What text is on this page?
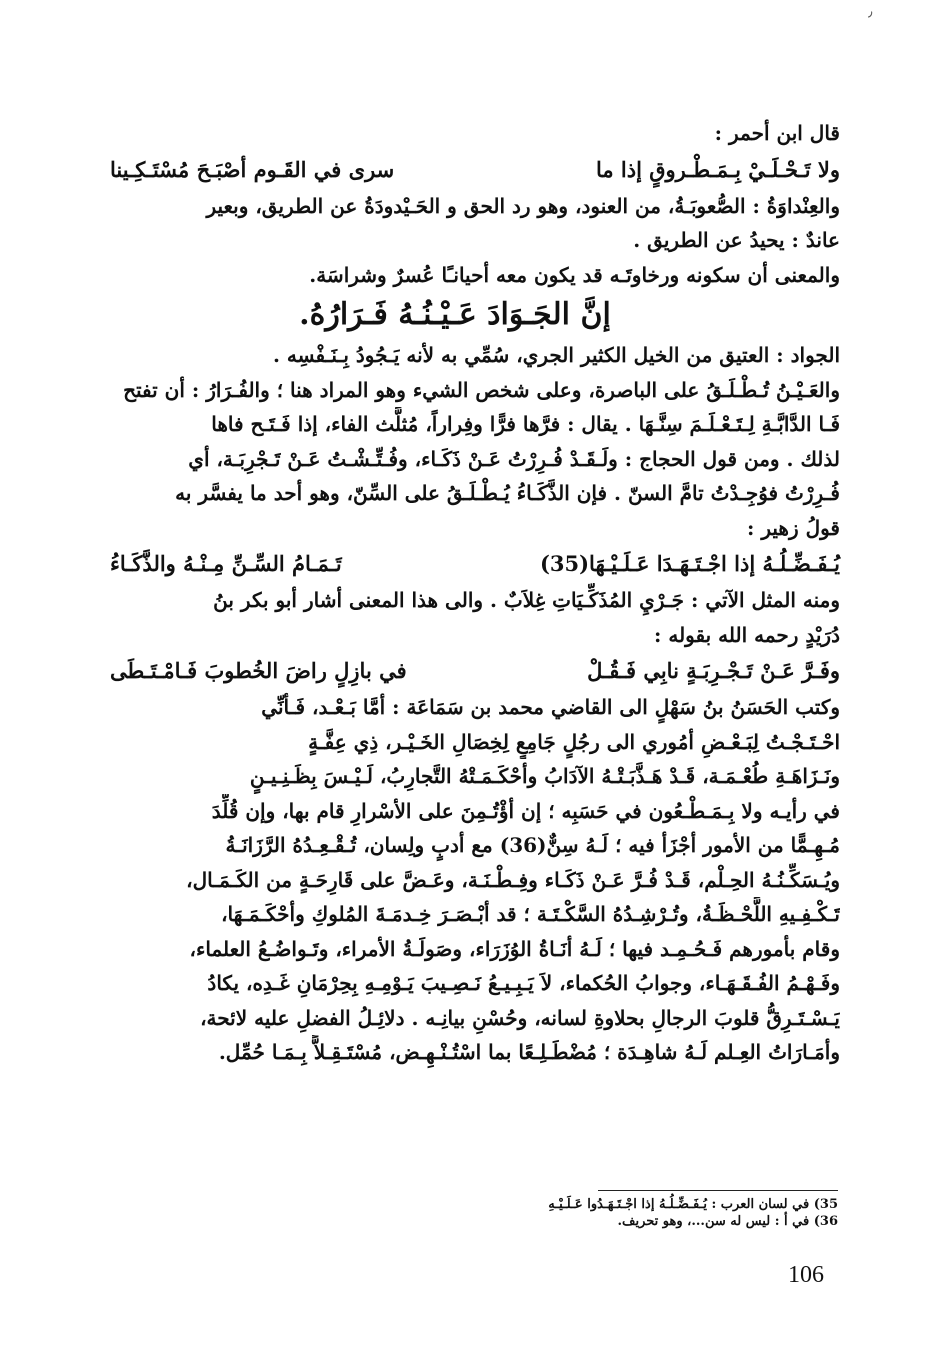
٫
قال ابن أحمر :
ولا تَـحْـلَـيْ بِـمَـطْـروقٍ إذا ما
سرى في القَـوم أصْبَـحَ مُسْتَـكِـينا
والعِنْداوَةُ : الصُّعوبَـةُ، من العنود، وهو رد الحق و الحَـيْدودَةُ عن الطريق، وبعير
عاندٌ : يحيدُ عن الطريق .
والمعنى أن سكونه ورخاوتَـه قد يكون معه أحيانـًا عُسرٌ وشراسَة.
إنَّ الجَـوَادَ عَـيْـنُـهُ فَـرَارُهُ.
الجواد : العتيق من الخيل الكثير الجري، سُمِّي به لأنه يَـجُودُ بِـنَـفْسِه .
والعَـيْـنُ تُـطْـلَـقُ على الباصرة، وعلى شخص الشيء وهو المراد هنا ؛ والفُـرَارُ : أن تفتح
فَـا الدَّابَّـةِ لِـتَـعْـلَـمَ سِنَّـهَا . يقال : فرَّها فرًّا وفِراراً، مُثلَّث الفاء، إذا فَـتَـح فاها
لذلك . ومن قول الحجاج : ولَـقَـدْ فُـرِرْتُ عَـنْ ذَكَـاء، وفُـتِّـشْـتُ عَـنْ تَـجْرِبَـة، أي
فُـرِرْتُ فوُجِـدْتُ تامَّ السنّ . فإن الذَّكَـاءُ يُـطْـلَـقُ على السِّنّ، وهو أحد ما يفسَّر به
قولُ زهير :
يُـفَـضِّـلُـهُ إذا اجْـتَـهَـدَا عَـلَـيْـهَا(35)
تَـمَـامُ السِّـنِّ مِـنْـهُ والذَّكَـاءُ
ومنه المثل الآتي : جَـرْيِ المُذَكِّـيَاتِ غِلاَبٌ . والى هذا المعنى أشار أبو بكر بنُ
دُرَيْدٍ رحمه الله بقوله :
وفَـرَّ عَـنْ تَـجْـرِبَـةٍ نابِي فَـقُـلْ
في بازِلٍ راضَ الخُطوبَ فَـامْـتَـطَى
وكتب الحَسَنُ بنُ سَهْلٍ الى القاضي محمد بن سَمَاعَة : أمَّا بَـعْـد، فَـأنِّي
احْـتَـجْـتُ لِبَـعْـضِ أمُوري الى رجُلٍ جَامِعٍ لِخِصَالِ الخَـيْـر، ذِي عِفَّـةٍ
ونَـزَاهَـةِ طُعْـمَـة، قَـدْ هَـذَّبَـتْـهُ الآدَابُ وأحْكَـمَـتْهُ التَّجارِبُ، لَـيْـسَ بِظَـنِـيـنٍ
في رأيـه ولا بِـمَـطْـعُون في حَسَبِه ؛ إن أؤْتُـمِنَ على الأسْرارِ قام بها، وإن قُلِّدَ
مُـهِـمًّا من الأمور أجْزَأ فيه ؛ لَـهُ سِنٌّ(36) مع أدبٍ ولِسان، تُـقْـعِـدُهُ الرَّزَانَـةُ
ويُـسَكِّـنُـهُ الحِـلْم، قَـدْ فُـرَّ عَـنْ ذَكَـاء وفِـطْـنَـة، وعَـضَّ على قَارِحَـةٍ من الكَـمَـال،
تَـكْـفِـيهِ اللَّحْـظَـةُ، وتُـرْشِـدُهُ السَّكْـتَـة ؛ قد أبْـصَـرَ خِـدمَـةَ المُلوكِ وأحْكَـمَـهَا،
وقام بأمورهم فَـحُـمِـد فيها ؛ لَـهُ أنَـاةُ الوُزَرَاء، وصَولَـةُ الأمراء، وتَـواضُـعُ العلماء،
وفَـهْـمُ الفُـقَـهَـاء، وجوابُ الحُكماء، لاَ يَـبِـيـعُ نَـصِـيبَ يَـوْمِـهِ بِحِرْمَانِ غَـدِه، يكادُ
يَـسْـتَـرِقُّ قلوبَ الرجالِ بحلاوةِ لسانه، وحُسْنِ بيانِـه . دلائِـلُ الفضلِ عليه لائحة،
وأمَـارَاتُ العِـلم لَـهُ شاهِـدَة ؛ مُضْطَـلِـعًا بما اسْتُـنْـهِـض، مُسْتَـقِـلاًّ بِـمَـا حُمِّل.
35) في لسان العرب : يُـفَـضِّـلُـهُ إذا اجْـتَـهَـدُوا عَـلَـيْـهِ
36) في أ : ليس له سن...، وهو تحريف.
106
